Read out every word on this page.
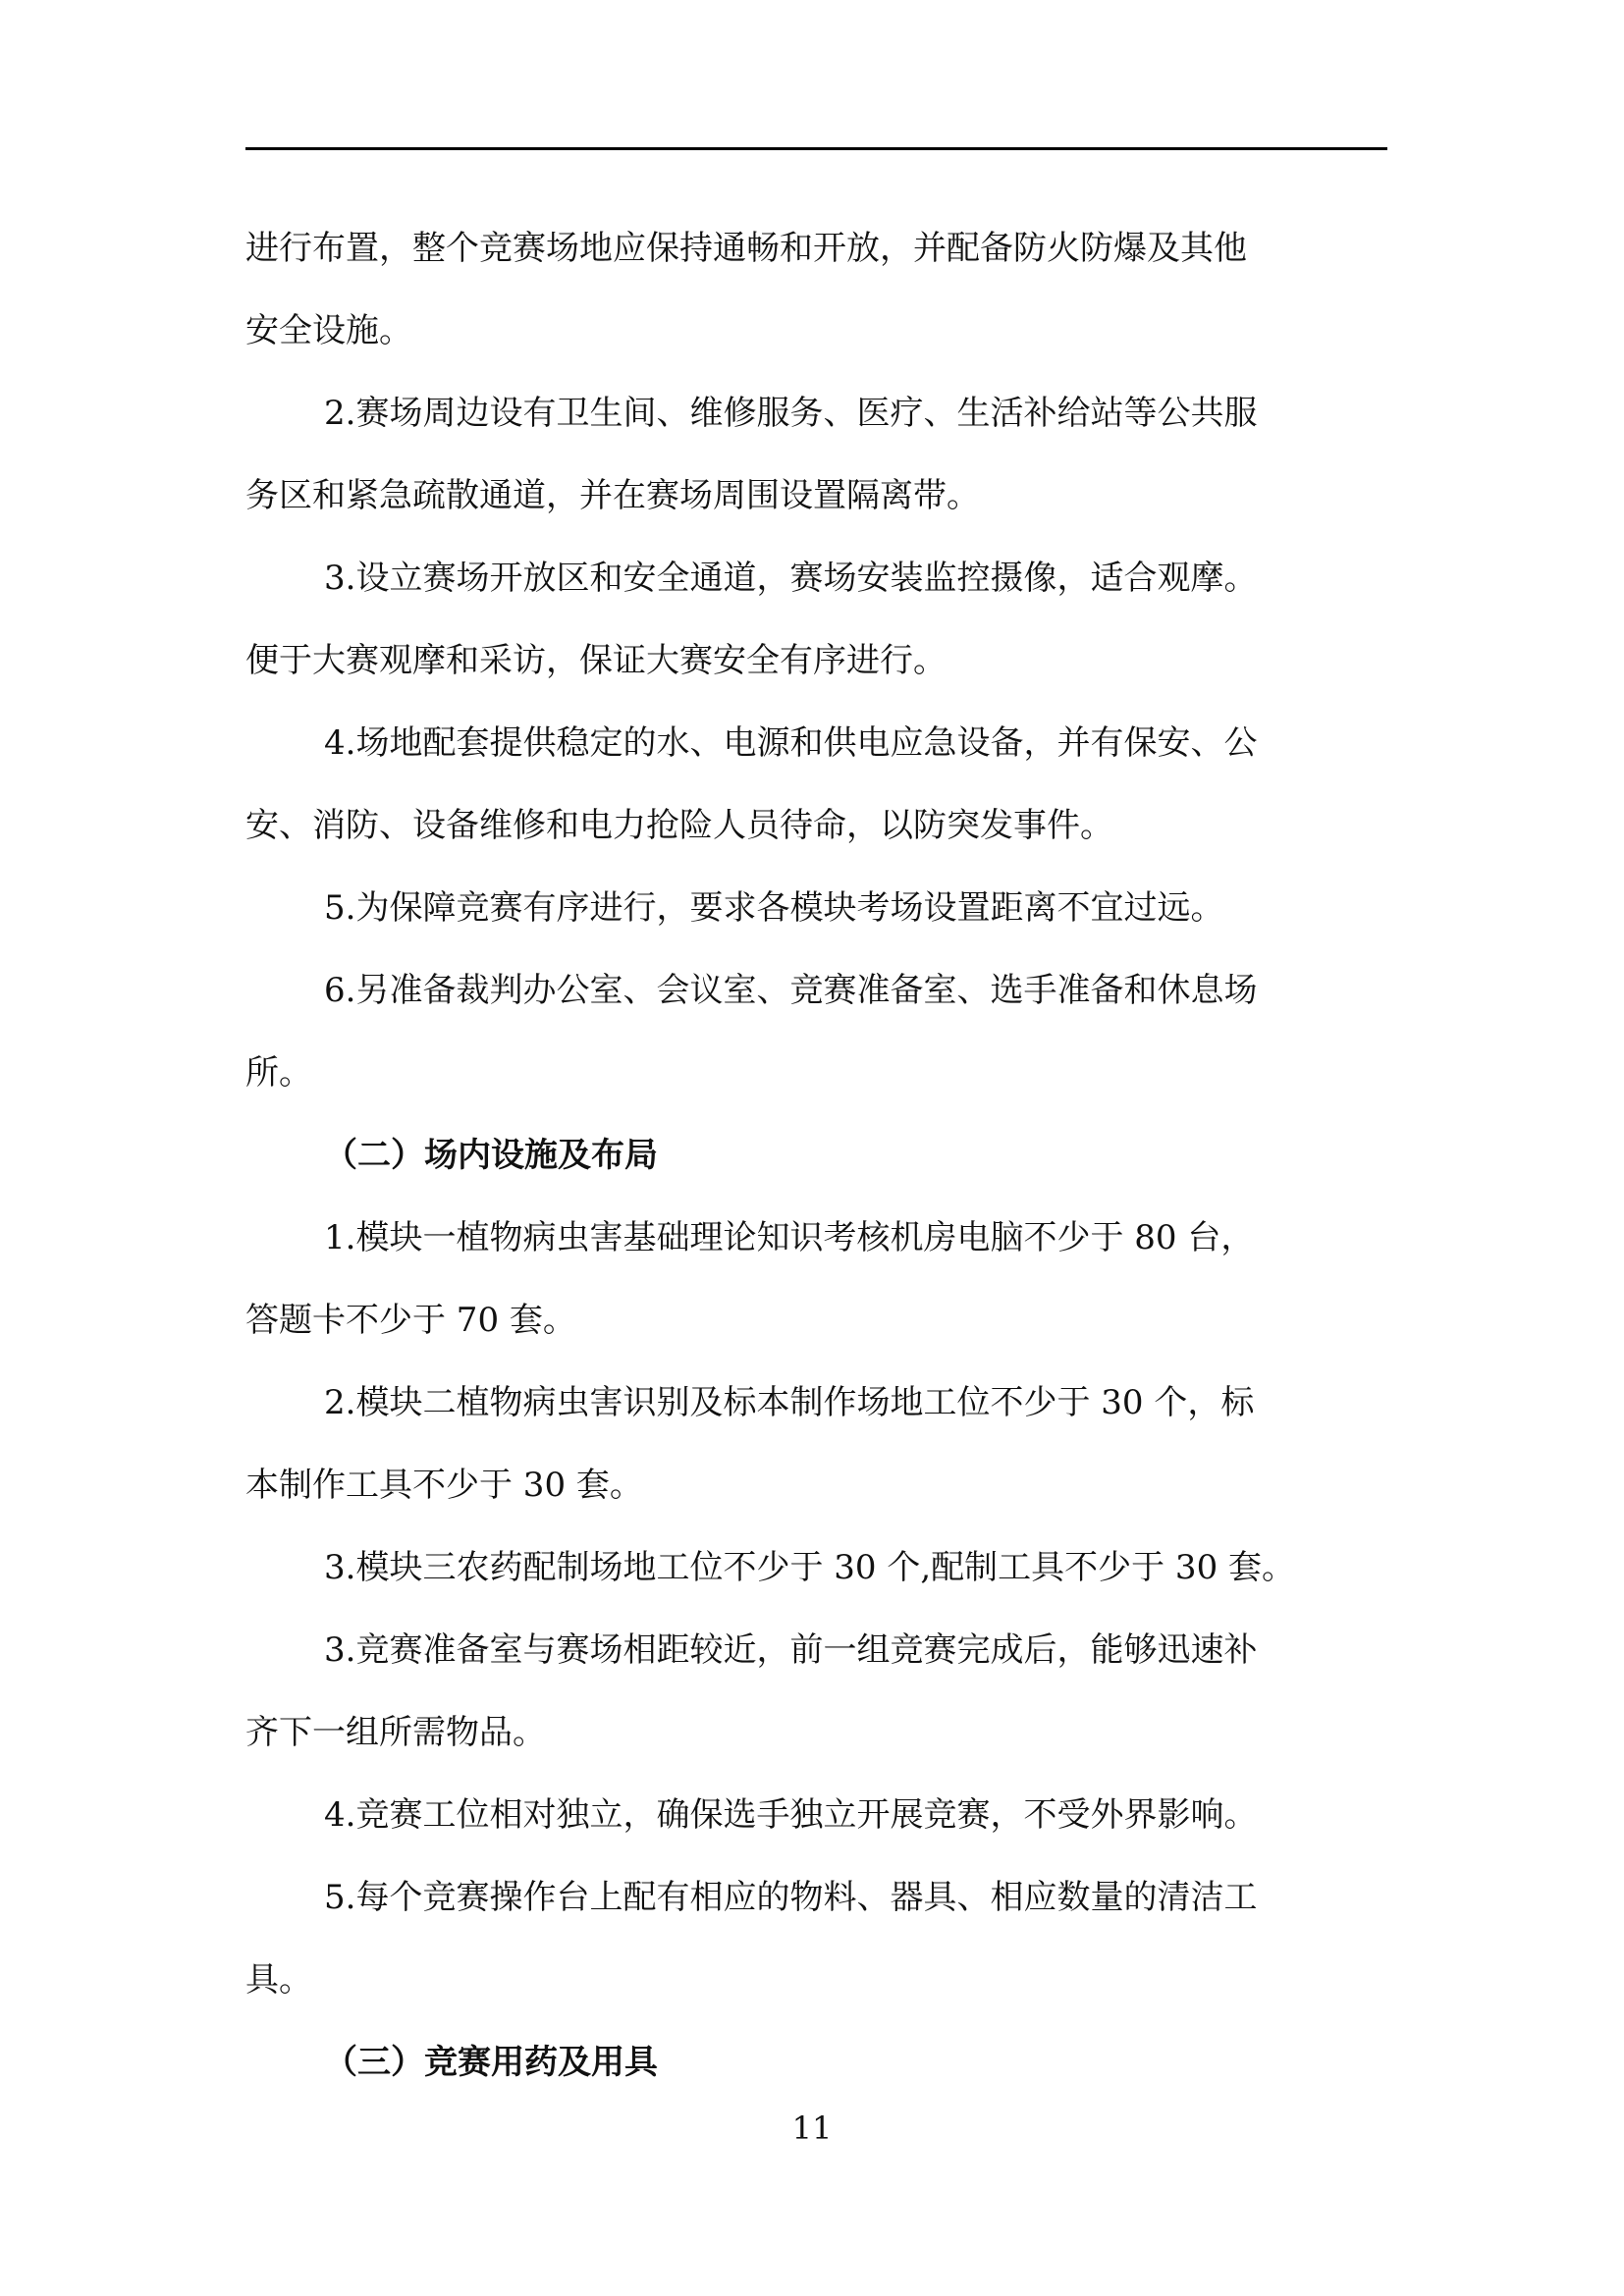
进行布置，整个竞赛场地应保持通畅和开放，并配备防火防爆及其他
安全设施。
2.赛场周边设有卫生间、维修服务、医疗、生活补给站等公共服
务区和紧急疏散通道，并在赛场周围设置隔离带。
3.设立赛场开放区和安全通道，赛场安装监控摄像，适合观摩。
便于大赛观摩和采访，保证大赛安全有序进行。
4.场地配套提供稳定的水、电源和供电应急设备，并有保安、公
安、消防、设备维修和电力抢险人员待命，以防突发事件。
5.为保障竞赛有序进行，要求各模块考场设置距离不宜过远。
6.另准备裁判办公室、会议室、竞赛准备室、选手准备和休息场
所。
（二）场内设施及布局
1.模块一植物病虫害基础理论知识考核机房电脑不少于 80 台，
答题卡不少于 70 套。
2.模块二植物病虫害识别及标本制作场地工位不少于 30 个，标
本制作工具不少于 30 套。
3.模块三农药配制场地工位不少于 30 个,配制工具不少于 30 套。
3.竞赛准备室与赛场相距较近，前一组竞赛完成后，能够迅速补
齐下一组所需物品。
4.竞赛工位相对独立，确保选手独立开展竞赛，不受外界影响。
5.每个竞赛操作台上配有相应的物料、器具、相应数量的清洁工
具。
（三）竞赛用药及用具
11
